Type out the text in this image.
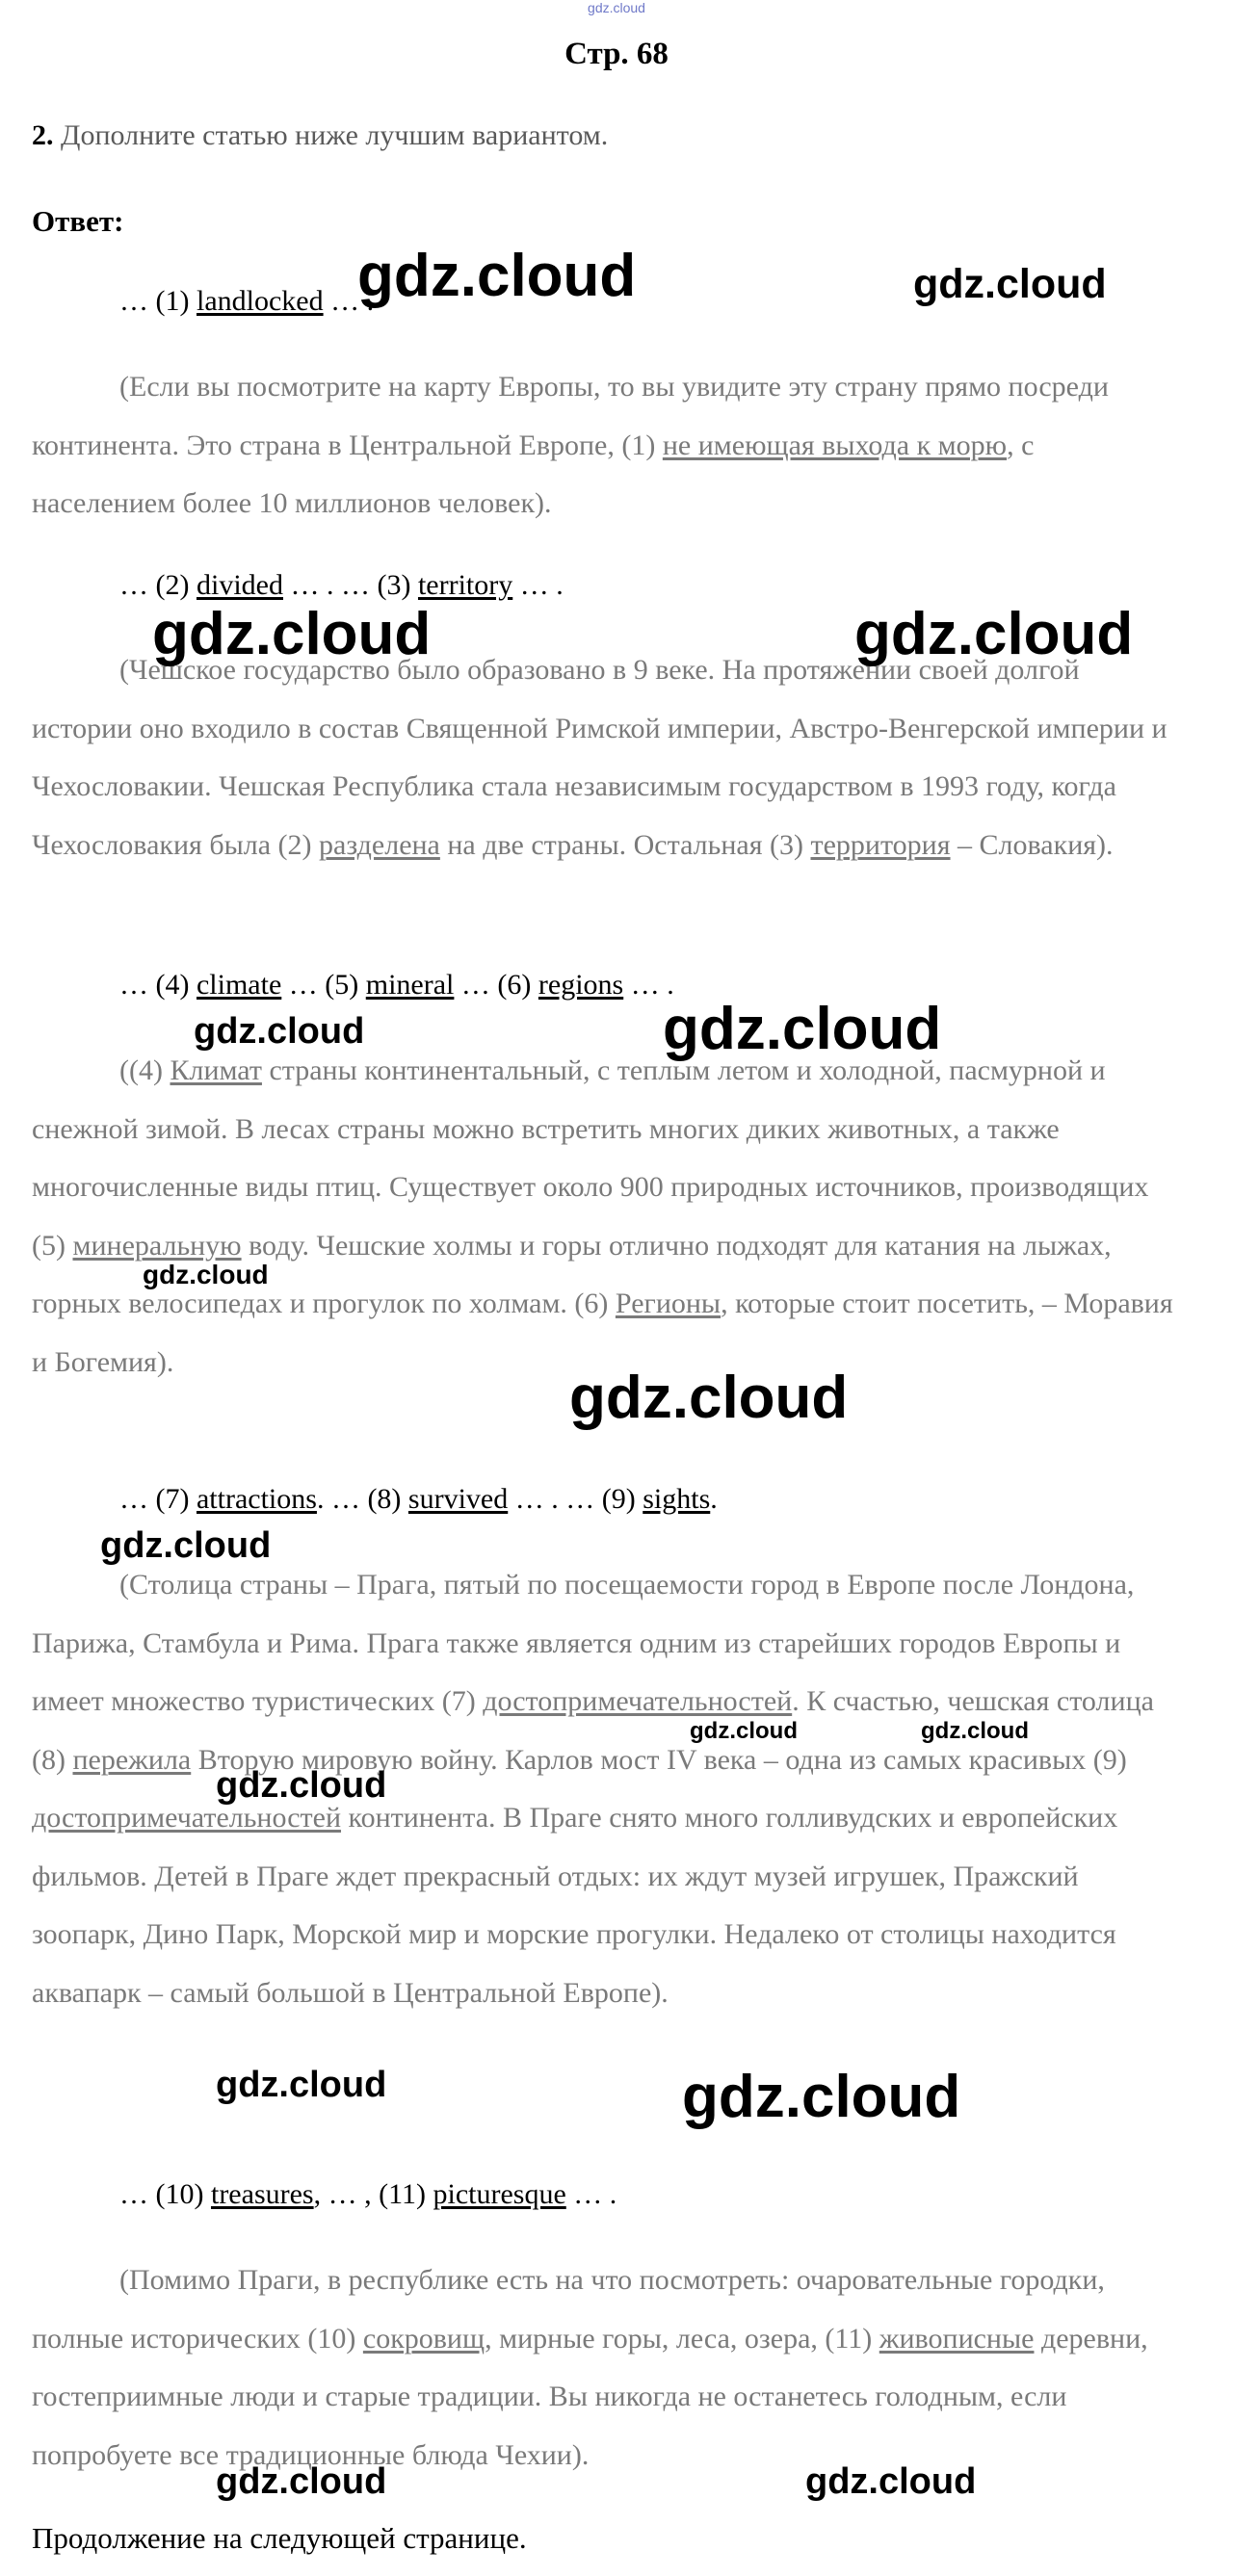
gdz.cloud
Стр. 68
2. Дополните статью ниже лучшим вариантом.
Ответ:
… (1) landlocked … .

(Если вы посмотрите на карту Европы, то вы увидите эту страну прямо посреди континента. Это страна в Центральной Европе, (1) не имеющая выхода к морю, с населением более 10 миллионов человек).

… (2) divided … . … (3) territory … .

(Чешское государство было образовано в 9 веке. На протяжении своей долгой истории оно входило в состав Священной Римской империи, Австро-Венгерской империи и Чехословакии. Чешская Республика стала независимым государством в 1993 году, когда Чехословакия была (2) разделена на две страны. Остальная (3) территория – Словакия).

… (4) climate … (5) mineral … (6) regions … .

((4) Климат страны континентальный, с теплым летом и холодной, пасмурной и снежной зимой. В лесах страны можно встретить многих диких животных, а также многочисленные виды птиц. Существует около 900 природных источников, производящих (5) минеральную воду. Чешские холмы и горы отлично подходят для катания на лыжах, горных велосипедах и прогулок по холмам. (6) Регионы, которые стоит посетить, – Моравия и Богемия).

… (7) attractions. … (8) survived … . … (9) sights.

(Столица страны – Прага, пятый по посещаемости город в Европе после Лондона, Парижа, Стамбула и Рима. Прага также является одним из старейших городов Европы и имеет множество туристических (7) достопримечательностей. К счастью, чешская столица (8) пережила Вторую мировую войну. Карлов мост IV века – одна из самых красивых (9) достопримечательностей континента. В Праге снято много голливудских и европейских фильмов. Детей в Праге ждет прекрасный отдых: их ждут музей игрушек, Пражский зоопарк, Дино Парк, Морской мир и морские прогулки. Недалеко от столицы находится аквапарк – самый большой в Центральной Европе).

… (10) treasures, … , (11) picturesque … .

(Помимо Праги, в республике есть на что посмотреть: очаровательные городки, полные исторических (10) сокровищ, мирные горы, леса, озера, (11) живописные деревни, гостеприимные люди и старые традиции. Вы никогда не останетесь голодным, если попробуете все традиционные блюда Чехии).

Продолжение на следующей странице.
gdz.cloud	gdz.cloud
gdz.cloud	gdz.cloud
gdz.cloud	gdz.cloud
gdz.cloud
gdz.cloud
gdz.cloud
gdz.cloud	gdz.cloud
gdz.cloud
gdz.cloud	gdz.cloud
gdz.cloud	gdz.cloud
